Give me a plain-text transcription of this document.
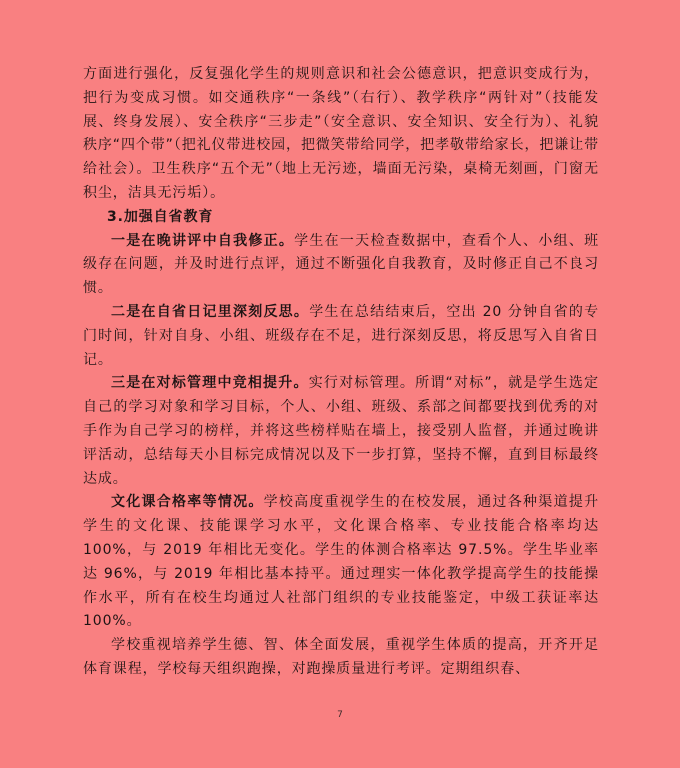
方面进行强化，反复强化学生的规则意识和社会公德意识，把意识变成行为，把行为变成习惯。如交通秩序“一条线”（右行）、教学秩序“两针对”（技能发展、终身发展）、安全秩序“三步走”（安全意识、安全知识、安全行为）、礼貌秩序“四个带”（把礼仪带进校园，把微笑带给同学，把孝敬带给家长，把谦让带给社会）。卫生秩序“五个无”（地上无污迹，墙面无污染，桌椅无刻画，门窗无积尘，洁具无污垢）。

3.加强自省教育

一是在晚讲评中自我修正。学生在一天检查数据中，查看个人、小组、班级存在问题，并及时进行点评，通过不断强化自我教育，及时修正自己不良习惯。

二是在自省日记里深刻反思。学生在总结结束后，空出 20 分钟自省的专门时间，针对自身、小组、班级存在不足，进行深刻反思，将反思写入自省日记。

三是在对标管理中竞相提升。实行对标管理。所谓“对标”，就是学生选定自己的学习对象和学习目标，个人、小组、班级、系部之间都要找到优秀的对手作为自己学习的榜样，并将这些榜样贴在墙上，接受别人监督，并通过晚讲评活动，总结每天小目标完成情况以及下一步打算，坚持不懈，直到目标最终达成。

文化课合格率等情况。学校高度重视学生的在校发展，通过各种渠道提升学生的文化课、技能课学习水平，文化课合格率、专业技能合格率均达 100%，与 2019 年相比无变化。学生的体测合格率达 97.5%。学生毕业率达 96%，与 2019 年相比基本持平。通过理实一体化教学提高学生的技能操作水平，所有在校生均通过人社部门组织的专业技能鉴定，中级工获证率达 100%。

学校重视培养学生德、智、体全面发展，重视学生体质的提高，开齐开足体育课程，学校每天组织跑操，对跑操质量进行考评。定期组织春、

7
